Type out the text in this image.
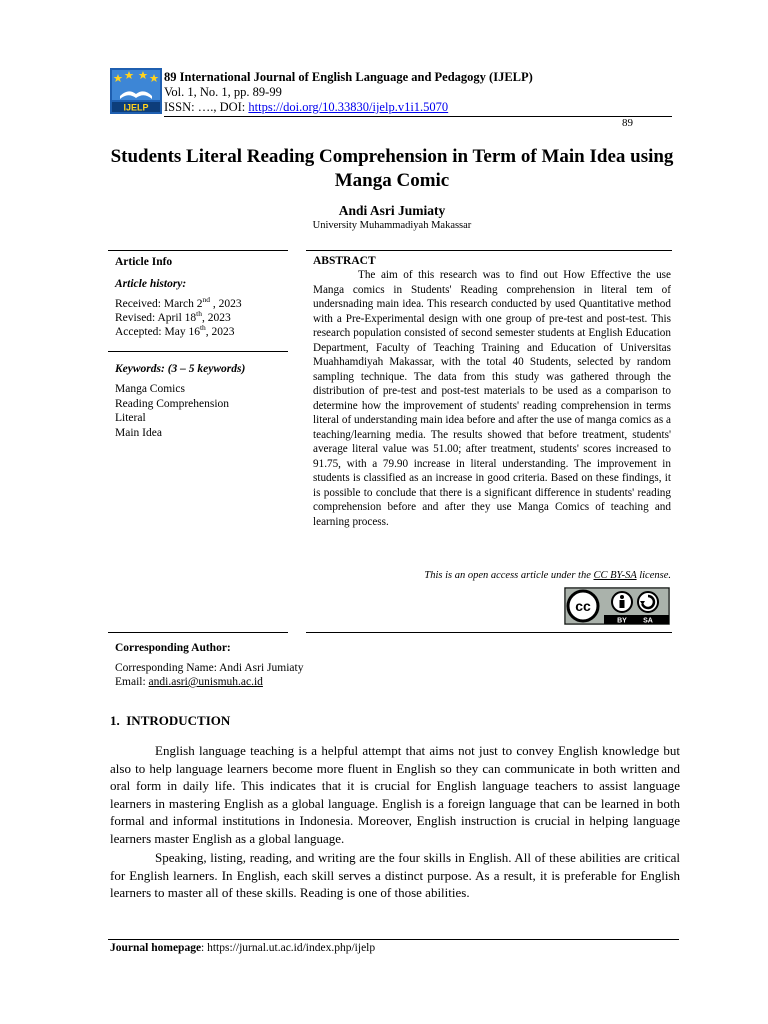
IJELP
89 International Journal of English Language and Pedagogy (IJELP)
Vol. 1, No. 1, pp. 89-99
ISSN: …., DOI: https://doi.org/10.33830/ijelp.v1i1.5070
89
Students Literal Reading Comprehension in Term of Main Idea using Manga Comic
Andi Asri Jumiaty
University Muhammadiyah Makassar
Article Info
Article history:
Received: March 2nd , 2023
Revised: April 18th, 2023
Accepted: May 16th, 2023
Keywords: (3 – 5 keywords)
Manga Comics
Reading Comprehension
Literal
Main Idea
ABSTRACT
The aim of this research was to find out How Effective the use Manga comics in Students' Reading comprehension in literal tem of undersnading main idea. This research conducted by used Quantitative method with a Pre-Experimental design with one group of pre-test and post-test. This research population consisted of second semester students at English Education Department, Faculty of Teaching Training and Education of Universitas Muahhamdiyah Makassar, with the total 40 Students, selected by random sampling technique. The data from this study was gathered through the distribution of pre-test and post-test materials to be used as a comparison to determine how the improvement of students' reading comprehension in terms literal of understanding main idea before and after the use of manga comics as a teaching/learning media. The results showed that before treatment, students' average literal value was 51.00; after treatment, students' scores increased to 91.75, with a 79.90 increase in literal understanding. The improvement in students is classified as an increase in good criteria. Based on these findings, it is possible to conclude that there is a significant difference in students' reading comprehension before and after they use Manga Comics of teaching and learning process.
This is an open access article under the CC BY-SA license.
cc
BY SA
Corresponding Author:
Corresponding Name: Andi Asri Jumiaty
Email: andi.asri@unismuh.ac.id
1.  INTRODUCTION
English language teaching is a helpful attempt that aims not just to convey English knowledge but also to help language learners become more fluent in English so they can communicate in both written and oral form in daily life. This indicates that it is crucial for English language teachers to assist language learners in mastering English as a global language. English is a foreign language that can be learned in both formal and informal institutions in Indonesia. Moreover, English instruction is crucial in helping language learners master English as a global language.
Speaking, listing, reading, and writing are the four skills in English. All of these abilities are critical for English learners. In English, each skill serves a distinct purpose. As a result, it is preferable for English learners to master all of these skills. Reading is one of those abilities.
Journal homepage: https://jurnal.ut.ac.id/index.php/ijelp
